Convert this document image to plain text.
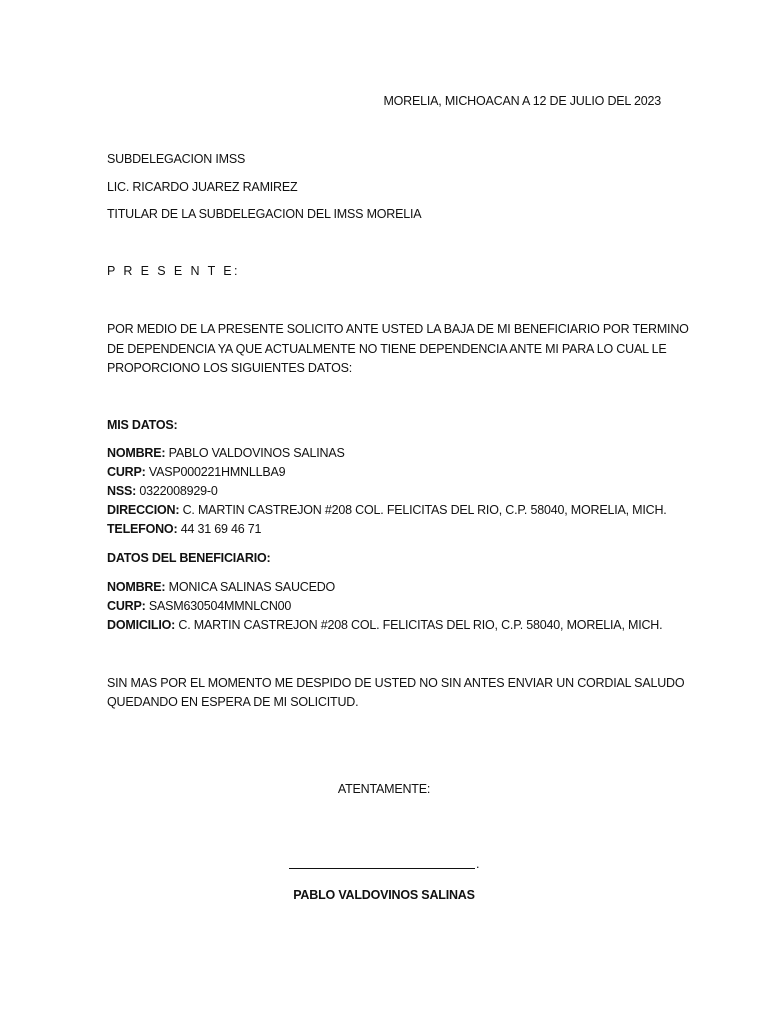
MORELIA, MICHOACAN A 12 DE JULIO DEL 2023
SUBDELEGACION IMSS
LIC. RICARDO JUAREZ RAMIREZ
TITULAR DE LA SUBDELEGACION DEL IMSS MORELIA
P R E S E N T E:
POR MEDIO DE LA PRESENTE SOLICITO ANTE USTED LA BAJA DE MI BENEFICIARIO POR TERMINO
DE DEPENDENCIA YA QUE ACTUALMENTE NO TIENE DEPENDENCIA ANTE MI PARA LO CUAL LE
PROPORCIONO LOS SIGUIENTES DATOS:
MIS DATOS:
NOMBRE: PABLO VALDOVINOS SALINAS
CURP: VASP000221HMNLLBA9
NSS: 0322008929-0
DIRECCION: C. MARTIN CASTREJON #208 COL. FELICITAS DEL RIO, C.P. 58040, MORELIA, MICH.
TELEFONO: 44 31 69 46 71
DATOS DEL BENEFICIARIO:
NOMBRE: MONICA SALINAS SAUCEDO
CURP: SASM630504MMNLCN00
DOMICILIO: C. MARTIN CASTREJON #208 COL. FELICITAS DEL RIO, C.P. 58040, MORELIA, MICH.
SIN MAS POR EL MOMENTO ME DESPIDO DE USTED NO SIN ANTES ENVIAR UN CORDIAL SALUDO
QUEDANDO EN ESPERA DE MI SOLICITUD.
ATENTAMENTE:
.
PABLO VALDOVINOS SALINAS
